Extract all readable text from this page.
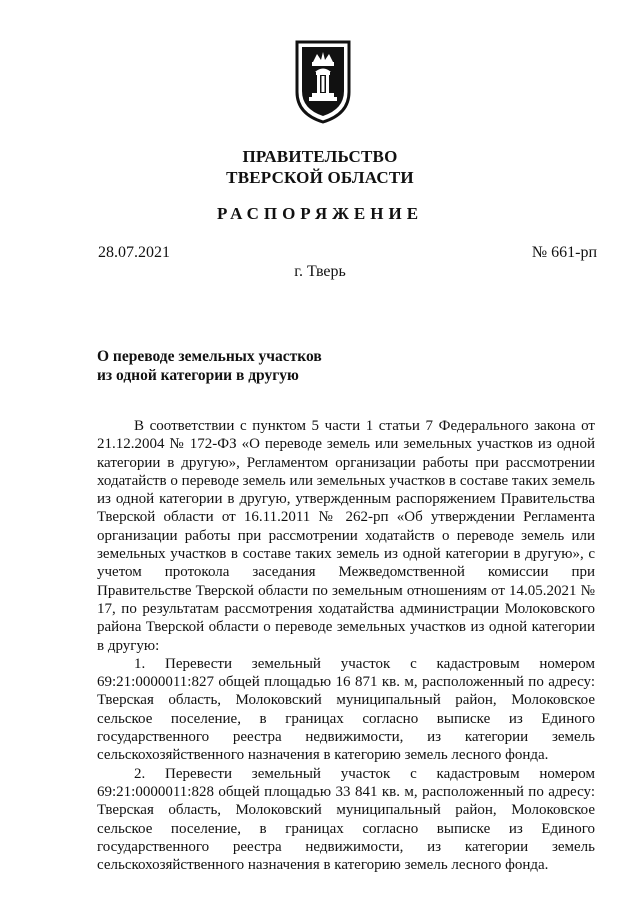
ПРАВИТЕЛЬСТВО
ТВЕРСКОЙ ОБЛАСТИ
РАСПОРЯЖЕНИЕ
28.07.2021	№ 661-рп
г. Тверь
О переводе земельных участков
из одной категории в другую

В соответствии с пунктом 5 части 1 статьи 7 Федерального закона от 21.12.2004 № 172-ФЗ «О переводе земель или земельных участков из одной категории в другую», Регламентом организации работы при рассмотрении ходатайств о переводе земель или земельных участков в составе таких земель из одной категории в другую, утвержденным распоряжением Правительства Тверской области от 16.11.2011 № 262-рп «Об утверждении Регламента организации работы при рассмотрении ходатайств о переводе земель или земельных участков в составе таких земель из одной категории в другую», с учетом протокола заседания Межведомственной комиссии при Правительстве Тверской области по земельным отношениям от 14.05.2021 № 17, по результатам рассмотрения ходатайства администрации Молоковского района Тверской области о переводе земельных участков из одной категории в другую:

1. Перевести земельный участок с кадастровым номером 69:21:0000011:827 общей площадью 16 871 кв. м, расположенный по адресу: Тверская область, Молоковский муниципальный район, Молоковское сельское поселение, в границах согласно выписке из Единого государственного реестра недвижимости, из категории земель сельскохозяйственного назначения в категорию земель лесного фонда.

2. Перевести земельный участок с кадастровым номером 69:21:0000011:828 общей площадью 33 841 кв. м, расположенный по адресу: Тверская область, Молоковский муниципальный район, Молоковское сельское поселение, в границах согласно выписке из Единого государственного реестра недвижимости, из категории земель сельскохозяйственного назначения в категорию земель лесного фонда.
